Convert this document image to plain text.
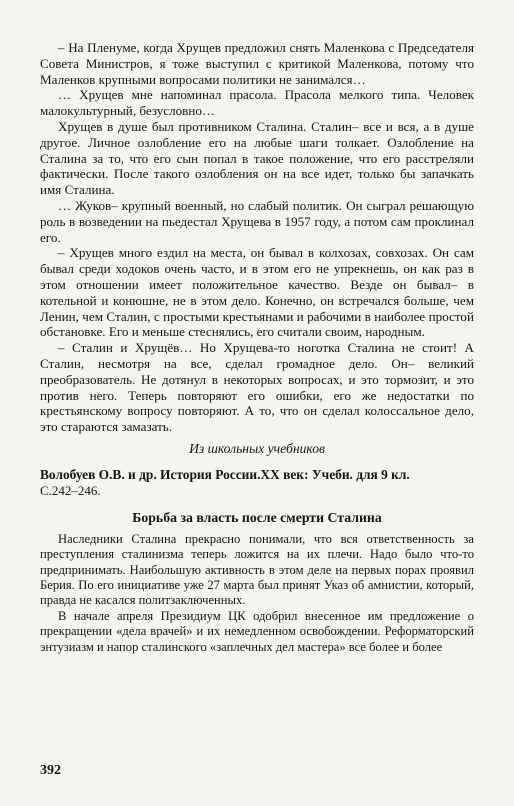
– На Пленуме, когда Хрущев предложил снять Маленкова с Председателя Совета Министров, я тоже выступил с критикой Маленкова, потому что Маленков крупными вопросами политики не занимался…

… Хрущев мне напоминал прасола. Прасола мелкого типа. Человек малокультурный, безусловно…

Хрущев в душе был противником Сталина. Сталин– все и вся, а в душе другое. Личное озлобление его на любые шаги толкает. Озлобление на Сталина за то, что его сын попал в такое положение, что его расстреляли фактически. После такого озлобления он на все идет, только бы запачкать имя Сталина.

… Жуков– крупный военный, но слабый политик. Он сыграл решающую роль в возведении на пьедестал Хрущева в 1957 году, а потом сам проклинал его.

– Хрущев много ездил на места, он бывал в колхозах, совхозах. Он сам бывал среди ходоков очень часто, и в этом его не упрекнешь, он как раз в этом отношении имеет положительное качество. Везде он бывал– в котельной и конюшне, не в этом дело. Конечно, он встречался больше, чем Ленин, чем Сталин, с простыми крестьянами и рабочими в наиболее простой обстановке. Его и меньше стеснялись, его считали своим, народным.

– Сталин и Хрущёв… Но Хрущева-то ноготка Сталина не стоит! А Сталин, несмотря на все, сделал громадное дело. Он– великий преобразователь. Не дотянул в некоторых вопросах, и это тормозит, и это против него. Теперь повторяют его ошибки, его же недостатки по крестьянскому вопросу повторяют. А то, что он сделал колоссальное дело, это стараются замазать.

Из школьных учебников

Волобуев О.В. и др. История России.XX век: Учебн. для 9 кл.

С.242–246.

Борьба за власть после смерти Сталина

Наследники Сталина прекрасно понимали, что вся ответственность за преступления сталинизма теперь ложится на их плечи. Надо было что-то предпринимать. Наибольшую активность в этом деле на первых порах проявил Берия. По его инициативе уже 27 марта был принят Указ об амнистии, который, правда не касался политзаключенных.

В начале апреля Президиум ЦК одобрил внесенное им предложение о прекращении «дела врачей» и их немедленном освобождении. Реформаторский энтузиазм и напор сталинского «заплечных дел мастера» все более и более

392
